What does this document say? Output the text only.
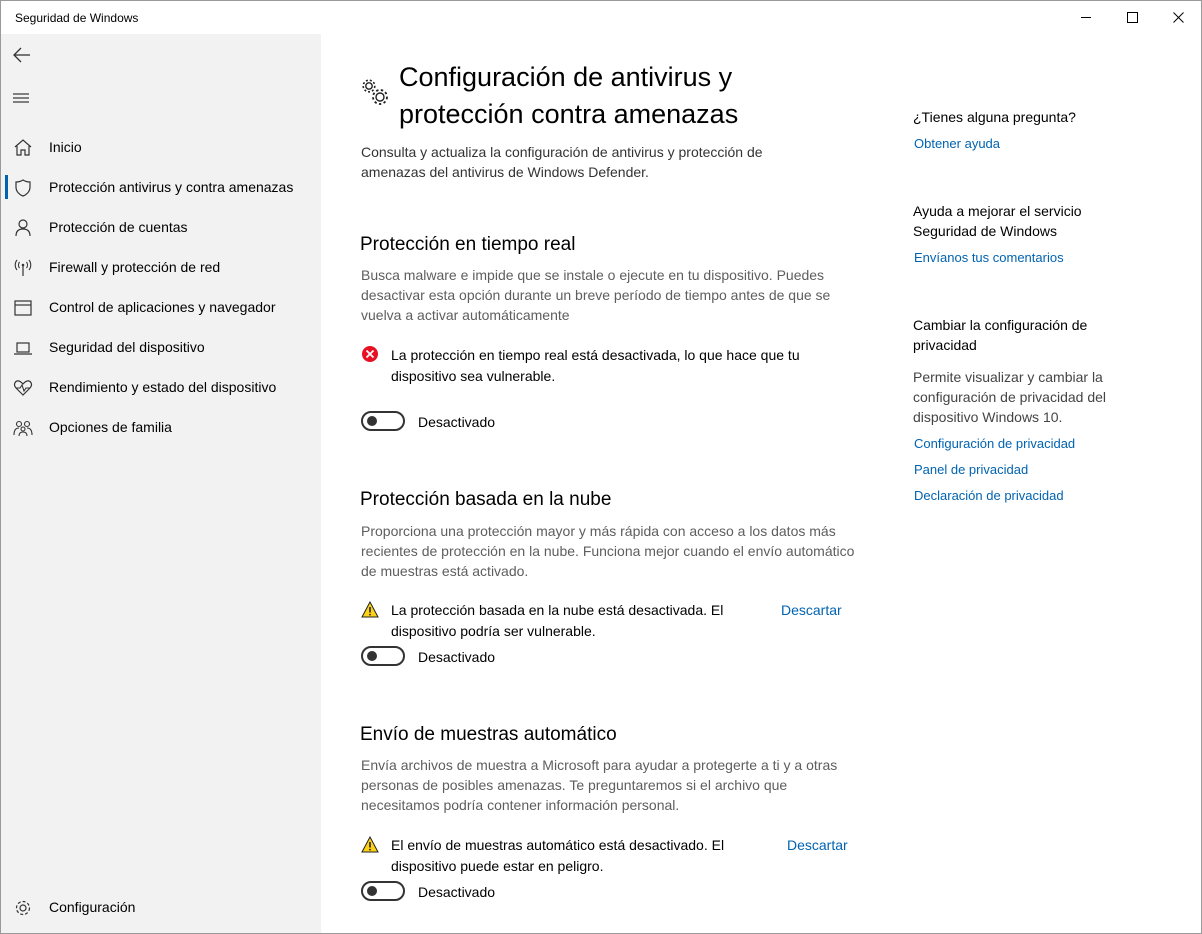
Seguridad de Windows
Inicio
Protección antivirus y contra amenazas
Protección de cuentas
Firewall y protección de red
Control de aplicaciones y navegador
Seguridad del dispositivo
Rendimiento y estado del dispositivo
Opciones de familia
Configuración
Configuración de antivirus y protección contra amenazas
Consulta y actualiza la configuración de antivirus y protección de amenazas del antivirus de Windows Defender.
Protección en tiempo real
Busca malware e impide que se instale o ejecute en tu dispositivo. Puedes desactivar esta opción durante un breve período de tiempo antes de que se vuelva a activar automáticamente
La protección en tiempo real está desactivada, lo que hace que tu dispositivo sea vulnerable.
Desactivado
Protección basada en la nube
Proporciona una protección mayor y más rápida con acceso a los datos más recientes de protección en la nube. Funciona mejor cuando el envío automático de muestras está activado.
La protección basada en la nube está desactivada. El dispositivo podría ser vulnerable.
Descartar
Desactivado
Envío de muestras automático
Envía archivos de muestra a Microsoft para ayudar a protegerte a ti y a otras personas de posibles amenazas. Te preguntaremos si el archivo que necesitamos podría contener información personal.
El envío de muestras automático está desactivado. El dispositivo puede estar en peligro.
Descartar
Desactivado
¿Tienes alguna pregunta?
Obtener ayuda
Ayuda a mejorar el servicio Seguridad de Windows
Envíanos tus comentarios
Cambiar la configuración de privacidad
Permite visualizar y cambiar la configuración de privacidad del dispositivo Windows 10.
Configuración de privacidad
Panel de privacidad
Declaración de privacidad
